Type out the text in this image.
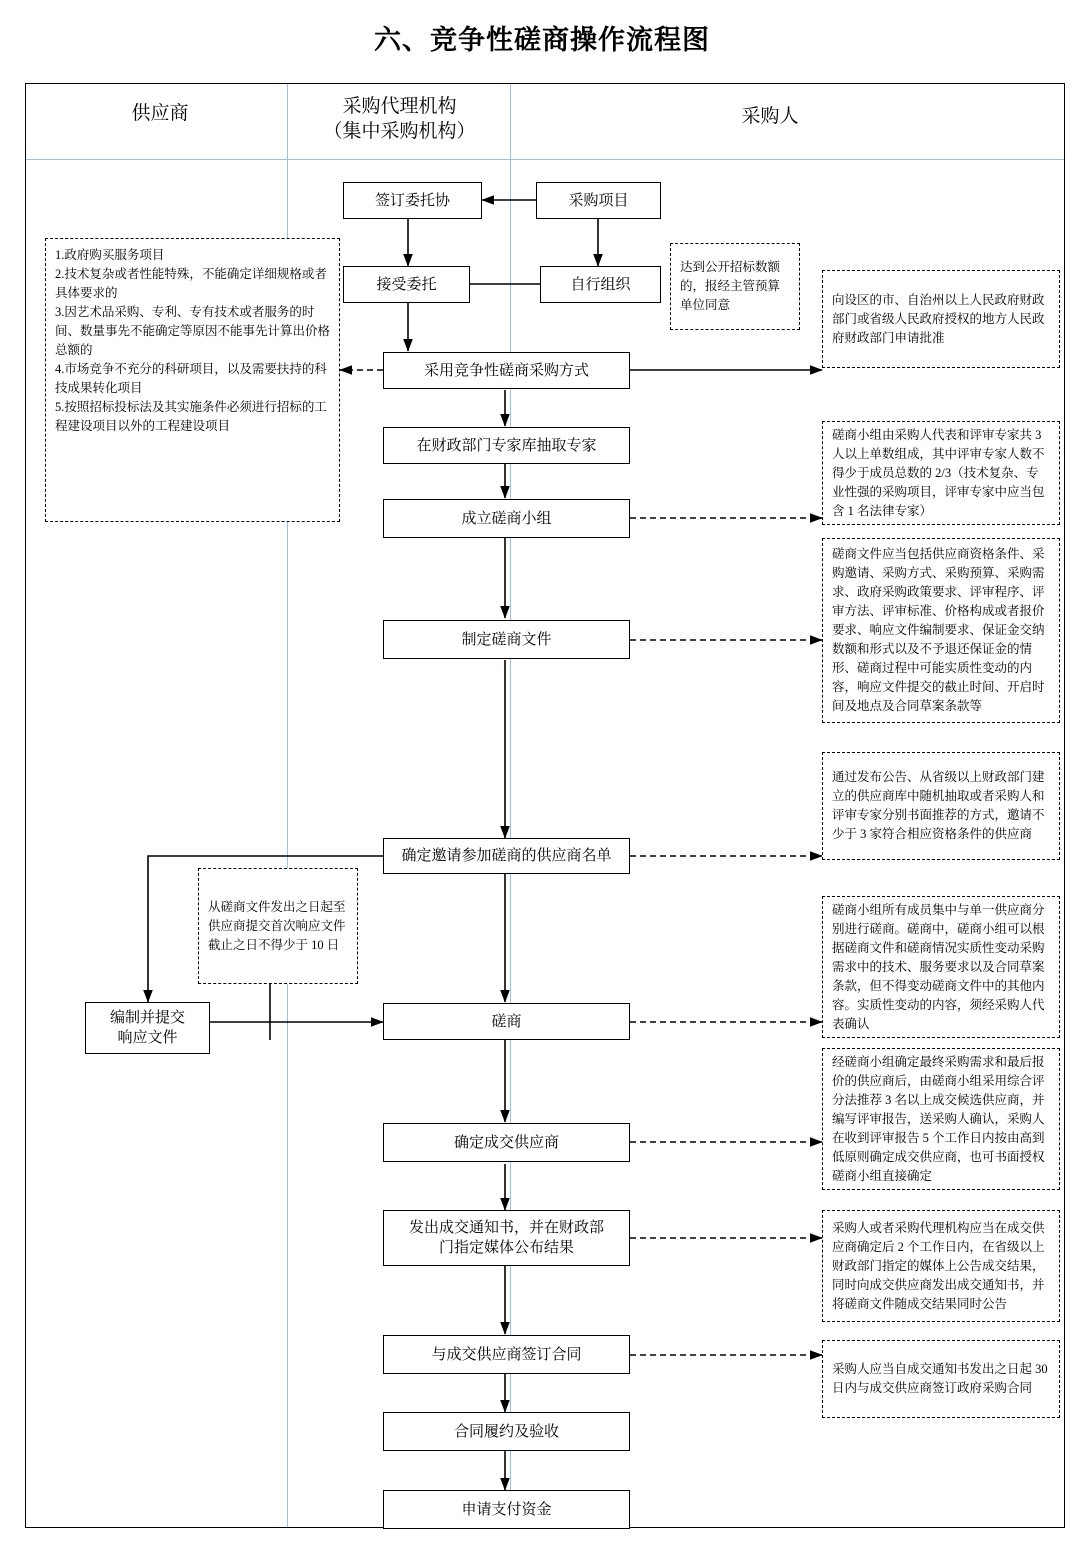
六、竞争性磋商操作流程图
供应商	采购代理机构
（集中采购机构）
采购人
签订委托协	采购项目
接受委托	自行组织
采用竞争性磋商采购方式
在财政部门专家库抽取专家
成立磋商小组
制定磋商文件
确定邀请参加磋商的供应商名单
编制并提交
响应文件
磋商
确定成交供应商
发出成交通知书，并在财政部
门指定媒体公布结果
与成交供应商签订合同
合同履约及验收
申请支付资金

1.政府购买服务项目

2.技术复杂或者性能特殊，不能确定详细规格或者具体要求的

3.因艺术品采购、专利、专有技术或者服务的时间、数量事先不能确定等原因不能事先计算出价格总额的

4.市场竞争不充分的科研项目，以及需要扶持的科技成果转化项目

5.按照招标投标法及其实施条件必须进行招标的工程建设项目以外的工程建设项目

达到公开招标数额的，报经主管预算单位同意	向设区的市、自治州以上人民政府财政部门或省级人民政府授权的地方人民政府财政部门申请批准
磋商小组由采购人代表和评审专家共 3 人以上单数组成，其中评审专家人数不得少于成员总数的 2/3（技术复杂、专业性强的采购项目，评审专家中应当包含 1 名法律专家）
磋商文件应当包括供应商资格条件、采购邀请、采购方式、采购预算、采购需求、政府采购政策要求、评审程序、评审方法、评审标准、价格构成或者报价要求、响应文件编制要求、保证金交纳数额和形式以及不予退还保证金的情形、磋商过程中可能实质性变动的内容，响应文件提交的截止时间、开启时间及地点及合同草案条款等
通过发布公告、从省级以上财政部门建立的供应商库中随机抽取或者采购人和评审专家分别书面推荐的方式，邀请不少于 3 家符合相应资格条件的供应商
从磋商文件发出之日起至供应商提交首次响应文件截止之日不得少于 10 日
磋商小组所有成员集中与单一供应商分别进行磋商。磋商中，磋商小组可以根据磋商文件和磋商情况实质性变动采购需求中的技术、服务要求以及合同草案条款，但不得变动磋商文件中的其他内容。实质性变动的内容，须经采购人代表确认
经磋商小组确定最终采购需求和最后报价的供应商后，由磋商小组采用综合评分法推荐 3 名以上成交候选供应商，并编写评审报告，送采购人确认，采购人在收到评审报告 5 个工作日内按由高到低原则确定成交供应商，也可书面授权磋商小组直接确定
采购人或者采购代理机构应当在成交供应商确定后 2 个工作日内，在省级以上财政部门指定的媒体上公告成交结果，同时向成交供应商发出成交通知书，并将磋商文件随成交结果同时公告
采购人应当自成交通知书发出之日起 30 日内与成交供应商签订政府采购合同
